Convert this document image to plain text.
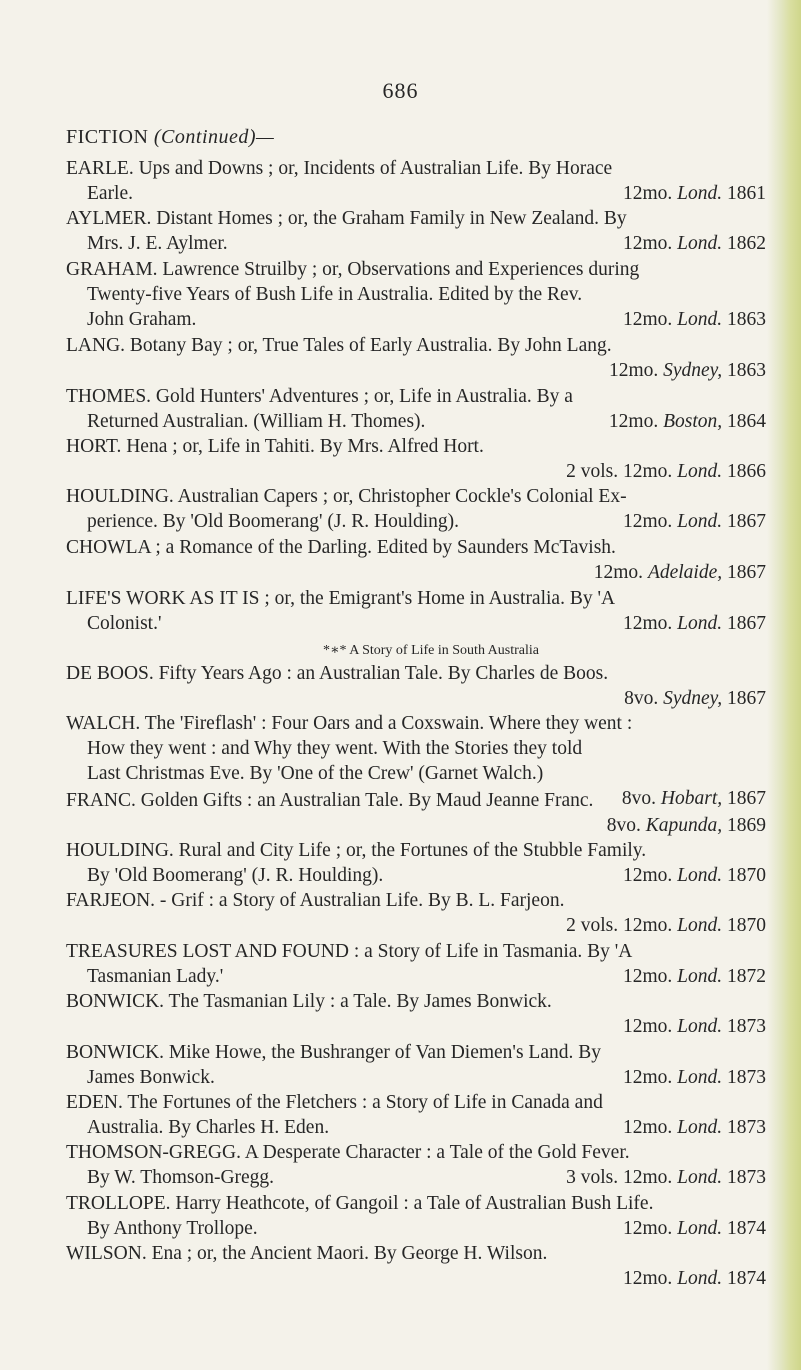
686
FICTION (Continued)—
EARLE. Ups and Downs ; or, Incidents of Australian Life. By Horace
Earle.	12mo. Lond. 1861
AYLMER. Distant Homes ; or, the Graham Family in New Zealand. By
Mrs. J. E. Aylmer.	12mo. Lond. 1862
GRAHAM. Lawrence Struilby ; or, Observations and Experiences during
Twenty-five Years of Bush Life in Australia. Edited by the Rev.
John Graham.	12mo. Lond. 1863
LANG. Botany Bay ; or, True Tales of Early Australia. By John Lang.
12mo. Sydney, 1863
THOMES. Gold Hunters' Adventures ; or, Life in Australia. By a
Returned Australian. (William H. Thomes).	12mo. Boston, 1864
HORT. Hena ; or, Life in Tahiti. By Mrs. Alfred Hort.
2 vols. 12mo. Lond. 1866
HOULDING. Australian Capers ; or, Christopher Cockle's Colonial Ex-
perience. By 'Old Boomerang' (J. R. Houlding).	12mo. Lond. 1867
CHOWLA ; a Romance of the Darling. Edited by Saunders McTavish.
12mo. Adelaide, 1867
LIFE'S WORK AS IT IS ; or, the Emigrant's Home in Australia. By 'A
Colonist.'	12mo. Lond. 1867
*∗* A Story of Life in South Australia
DE BOOS. Fifty Years Ago : an Australian Tale. By Charles de Boos.
8vo. Sydney, 1867
WALCH. The 'Fireflash' : Four Oars and a Coxswain. Where they went :
How they went : and Why they went. With the Stories they told
Last Christmas Eve. By 'One of the Crew' (Garnet Walch.)
8vo. Hobart, 1867
FRANC. Golden Gifts : an Australian Tale. By Maud Jeanne Franc.
8vo. Kapunda, 1869
HOULDING. Rural and City Life ; or, the Fortunes of the Stubble Family.
By 'Old Boomerang' (J. R. Houlding).	12mo. Lond. 1870
FARJEON. - Grif : a Story of Australian Life. By B. L. Farjeon.
2 vols. 12mo. Lond. 1870
TREASURES LOST AND FOUND : a Story of Life in Tasmania. By 'A
Tasmanian Lady.'	12mo. Lond. 1872
BONWICK. The Tasmanian Lily : a Tale. By James Bonwick.
12mo. Lond. 1873
BONWICK. Mike Howe, the Bushranger of Van Diemen's Land. By
James Bonwick.	12mo. Lond. 1873
EDEN. The Fortunes of the Fletchers : a Story of Life in Canada and
Australia. By Charles H. Eden.	12mo. Lond. 1873
THOMSON-GREGG. A Desperate Character : a Tale of the Gold Fever.
By W. Thomson-Gregg.	3 vols. 12mo. Lond. 1873
TROLLOPE. Harry Heathcote, of Gangoil : a Tale of Australian Bush Life.
By Anthony Trollope.	12mo. Lond. 1874
WILSON. Ena ; or, the Ancient Maori. By George H. Wilson.
12mo. Lond. 1874
